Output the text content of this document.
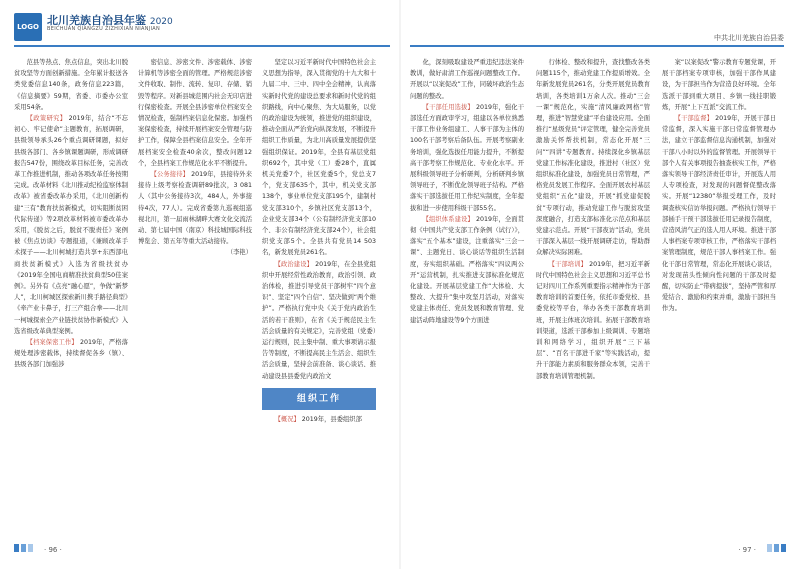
LOGO 北川羌族自治县年鉴 2020
BEICHUAN QIANGZU ZIZHIXIAN NIANJIAN

范县等热点、焦点信息，突出北川脱贫攻坚等方面创新措施。全年累计报送各类党委信息140条，政务信息223篇，《信息摘要》59期，省委、市委办公室采用54条。

【政策研究】 2019年，结合“不忘初心、牢记使命”主题教育，拓展调研，县级领导承头26个重点调研课题，拟好县级各部门、各乡镇课题调研，形成调研报告547份，围绕改革目标任务，完善改革工作推进机制，推动各项改革任务按期完成。改革材料《北川推动纪检监察体制改革》被省委改革办采用，《北川创新构建“三有”教育扶贫新模式，切实阻断贫困代际传递》等2项改革材料被市委改革办采用，《脱贫之后，脱贫不脱责任》案例被《焦点访谈》专题报道，《兼顾改革手术探子——北川柯城打造共享+东西部电商扶贫新模式》入选为省级扶贫办《2019年全国电商精准扶贫典型50佳案例》。另外有《点亮“融心愿”，争做“新梦人”，北川柯城区探索新川携手路径典型》《牵产业卡鼻子，打三产组合拳——北川一柯城探索全产业链扶贫协作新模式》入选省级改革典型案例。

【档案保密工作】 2019年，严格落规处理涉密载体，持续督促各乡（镇）、县级各部门加强涉

密信息、涉密文件、涉密载体、涉密计算机等涉密全面的管理。严格规范涉密文件收取、制作、流转、复印、存储、销毁等程序。对新县城范围内社会无印店进行保密检查。开展全县涉密单位档案安全情况检查，强制档案信息化保密。加强档案保密检查，持续开展档案安全管理与防护工作，保障全县档案信息安全。全年开展档案安全检查40余次，整改问题12个，全县档案工作规范化水平不断提升。

【公务接待】 2019年，县接待外来接待上级考察检查调研89批次，3 081人（其中公务接待3次，484人，外事接待4次，77人）。完成省委第九巡视组巡视北川，第一届雨林湖畔大赛文化交流活动、第七届中国（南京）科技城国际科技博览会、第五年等重大活动接待。

（李艳）

坚定以习近平新时代中国特色社会主义思想为指导，深入贯彻党的十九大和十九届二中、三中、四中全会精神，认真落实新时代党的建设总要求和新时代党的组织路线，向中心聚焦、为大局服务，以党的政治建设为统领，推进党的组织建设，推动全面从严治党向纵深发展，不断提升组织工作质量，为北川高质量发展提供坚强组织保证。2019年，全县有基层党组织692个，其中党（工）委28个，直属机关党委7个，社区党委5个，党总支7个，党支部635个，其中，机关党支部138个，事业单位党支部195个，建制村党支部310个，乡镇社区党支部13个，企业党支部34个（公有制经济党支部10个、非公有制经济党支部24个），社会组织党支部5个。全县共有党员14 503名，新发展党员261名。

【政治建设】 2019年，在全县党组织中开展经常性政治教育，政治引领、政治体检，推进引导党员干部树牢“四个意识”、坚定“四个自信”、坚决做到“两个维护”。严格执行党中央《关于党内政治生活的若干准则》，在省《关于规范民主生活会质量的有关规定》，完善党组（党委）运行规则，民主集中制、重大事项请示报告等制度，不断提高民主生活会、组织生活会质量，坚持会前准备、谈心谈话、推动建设县县委党内政治文

组织工作

【概况】 2019年，县委组织部

· 96 ·
中共北川羌族自治县委

化，深刻吸取建设严重违纪违法案件教训，做好肃清工作巡视问题整改工作。开展以“以案促改”工作，同破坏政治生态问题的整改。

【干部任用选拔】 2019年，强化干部选任方面政审学习，组建以各单位熟悉干部工作业务组建工、人事干部为主体的100名干部考察后备队伍。开展考察副业务培训，强化选拔任用能力提升，不断提高干部考察工作规范化、专业化水平。开展科级领导班子分析研判，分析研判乡镇领导班子，不断优化领导班子结构。严格落实干部选拔任用工作纪实制度，全年提拔和进一步使用科级干部55名。

【组织体系建设】 2019年，全面贯彻《中国共产党支部工作条例（试行）》，落实“五个基本”建设，注重落实“三会一课”、主题党日、谈心谈话等组织生活制度，夯实组织基础。严格落实“四议两公开”运营机制，扎实推进支部标准化规范化建设。开展基层党建工作“大体检、大整改、大提升”集中攻坚月活动，对落实党建主体责任、党员发展和教育管理、党建活动阵地建设等9个方面进

行体检、整改和提升，查找整改各类问题115个，推动党建工作提质增效。全年新发展党员261名，分类开展党员教育培训，各类培训1万余人次。推动“三会一课”规范化，实施“清风廉政网格”管理，推进“智慧党建”平台建设应用。全面推行“星级党员”评定管理，健全完善党员激励关怀帮扶机制，常态化开展“三问”“四讲”专题教育。持续深化乡镇基层党建工作标准化建设，推进村（社区）党组织标准化建设，加强党员日常管理，严格党员发展工作程序。全面开展农村基层党组织“五化”建设，开展“抓党建促脱贫”专项行动，推动党建工作与脱贫攻坚深度融合，打造支部标准化示范点和基层党建示范点。开展“干部夜访”活动，党员干部深入基层一线开展调研走访，帮助群众解决实际困难。

【干部培训】 2019年，把习近平新时代中国特色社会主义思想和习近平总书记对四川工作系列重要指示精神作为干部教育培训的首要任务，依托市委党校、县委党校等平台，举办各类干部教育培训班，开展主体班次培训。拓展干部教育培训渠道，选派干部参加上级调训、专题培训和网络学习，组织开展“三下基层”、“百名干部进千家”等实践活动，提升干部能力素质和服务群众本领，完善干部教育培训管理机制。

案“以案促改”警示教育专题党课，开展干部档案专项审核，加强干部作风建设，为干部担当作为营造良好环境。全年选派干部到重大项目、乡镇一线挂职锻炼，开展“上下互派”交流工作。

【干部监督】 2019年，开展干部日常监督，深入实施干部日常监督管理办法，建立干部监督信息沟通机制，加强对干部八小时以外的监督管理。开展领导干部个人有关事项报告抽查核实工作，严格落实领导干部经济责任审计，开展选人用人专项检查，对发现的问题督促整改落实。开展“12380”举报受理工作，及时调查核实信访举报问题。严格执行领导干部插手干预干部选拔任用记录报告制度，营造风清气正的选人用人环境。推进干部人事档案专项审核工作，严格落实干部档案管理制度，规范干部人事档案工作。强化干部日常管理，常态化开展谈心谈话，对发现苗头性倾向性问题的干部及时提醒，切实防止“带病提拔”，坚持严管和厚爱结合、激励和约束并重，激励干部担当作为。

· 97 ·
